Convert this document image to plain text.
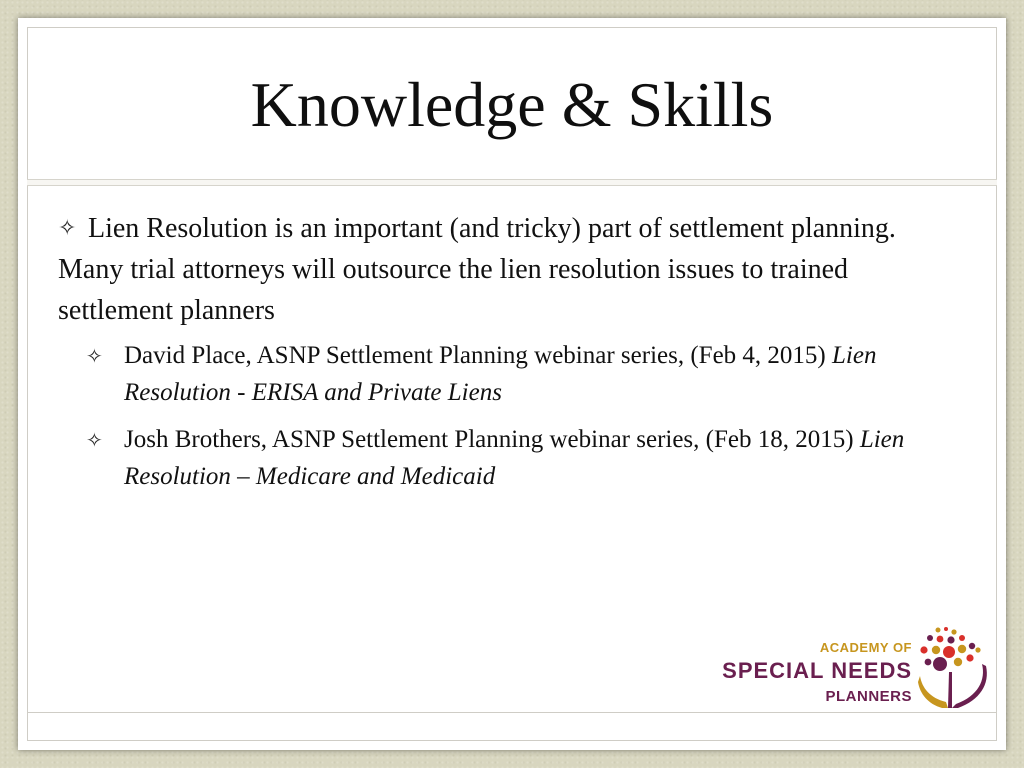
Knowledge & Skills

✧ Lien Resolution is an important (and tricky) part of settlement planning. Many trial attorneys will outsource the lien resolution issues to trained settlement planners

✧ David Place, ASNP Settlement Planning webinar series, (Feb 4, 2015) Lien Resolution - ERISA and Private Liens
✧ Josh Brothers, ASNP Settlement Planning webinar series, (Feb 18, 2015) Lien Resolution – Medicare and Medicaid
ACADEMY OF
SPECIAL NEEDS
PLANNERS
